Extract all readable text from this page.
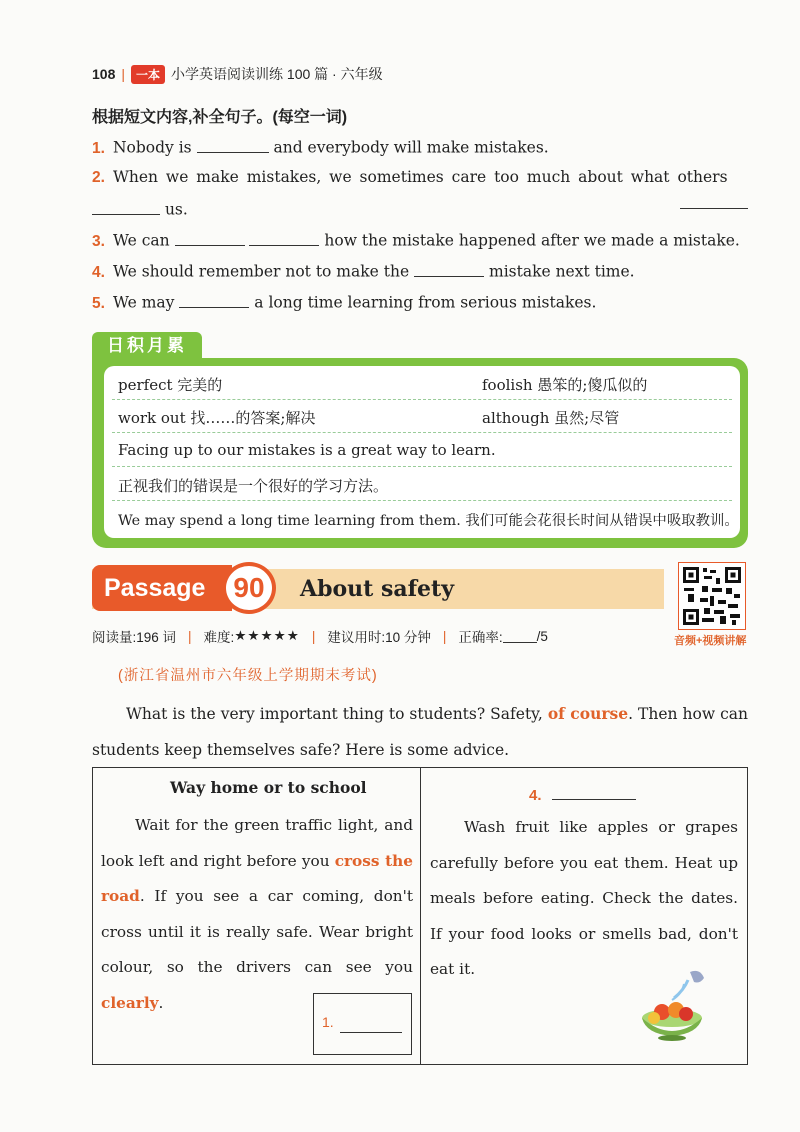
108 | 一本 小学英语阅读训练 100 篇 · 六年级
根据短文内容,补全句子。(每空一词)
1. Nobody is	and everybody will make mistakes.
2. When we make mistakes, we sometimes care too much about what others
us.
3. We can	how the mistake happened after we made a mistake.
4. We should remember not to make the	mistake next time.
5. We may	a long time learning from serious mistakes.
日积月累
perfect 完美的	foolish 愚笨的;傻瓜似的
work out 找……的答案;解决	although 虽然;尽管
Facing up to our mistakes is a great way to learn.
正视我们的错误是一个很好的学习方法。
We may spend a long time learning from them. 我们可能会花很长时间从错误中吸取教训。
Passage 90	About safety
音频+视频讲解
阅读量:196 词 | 难度: ★★★★★ | 建议用时:10 分钟 | 正确率:	/5
(浙江省温州市六年级上学期期末考试)
What is the very important thing to students? Safety, of course. Then how can students keep themselves safe? Here is some advice.
Way home or to school
Wait for the green traffic light, and look left and right before you cross the road. If you see a car coming, don't cross until it is really safe. Wear bright colour, so the drivers can see you clearly.
1.
4.
Wash fruit like apples or grapes carefully before you eat them. Heat up meals before eating. Check the dates. If your food looks or smells bad, don't eat it.
